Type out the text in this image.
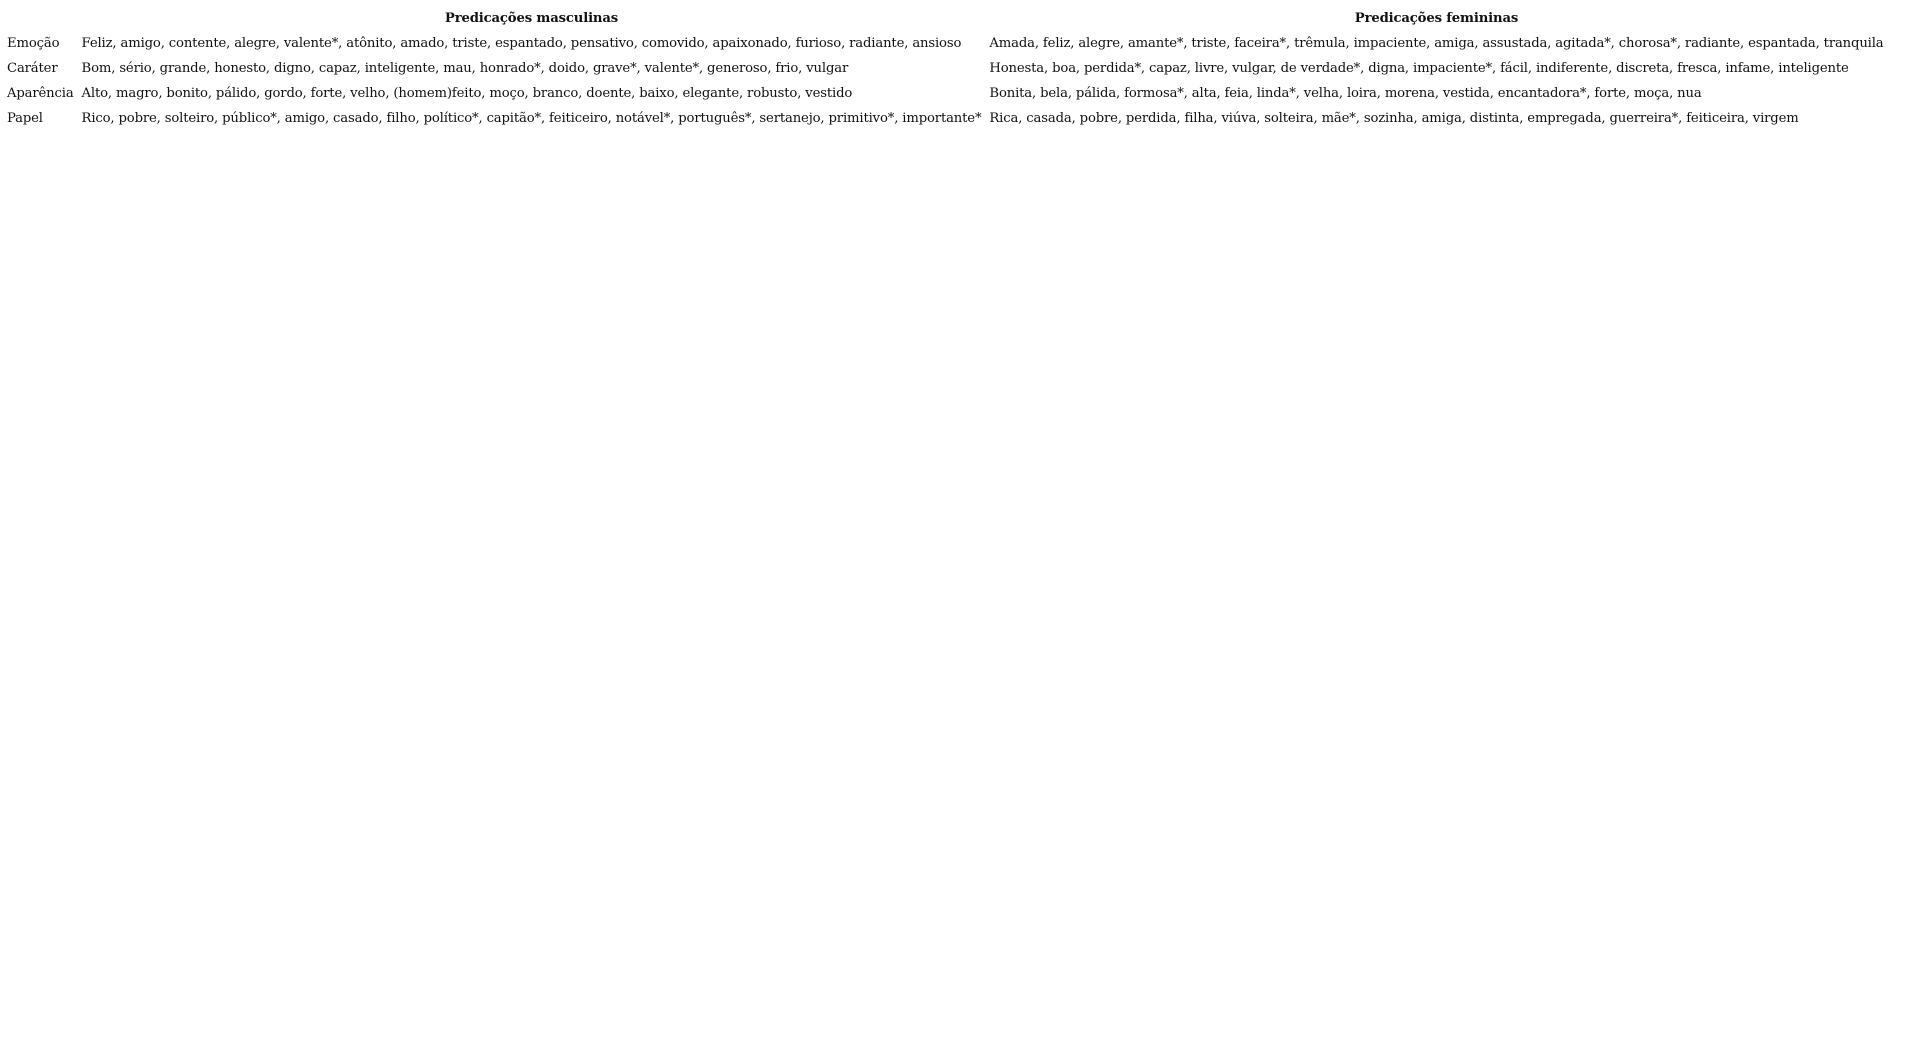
	Predicações masculinas	Predicações femininas
Emoção	Feliz, amigo, contente, alegre, valente*, atônito, amado, triste, espantado, pensativo, comovido, apaixonado, furioso, radiante, ansioso	Amada, feliz, alegre, amante*, triste, faceira*, trêmula, impaciente, amiga, assustada, agitada*, chorosa*, radiante, espantada, tranquila
Caráter	Bom, sério, grande, honesto, digno, capaz, inteligente, mau, honrado*, doido, grave*, valente*, generoso, frio, vulgar	Honesta, boa, perdida*, capaz, livre, vulgar, de verdade*, digna, impaciente*, fácil, indiferente, discreta, fresca, infame, inteligente
Aparência	Alto, magro, bonito, pálido, gordo, forte, velho, (homem)feito, moço, branco, doente, baixo, elegante, robusto, vestido	Bonita, bela, pálida, formosa*, alta, feia, linda*, velha, loira, morena, vestida, encantadora*, forte, moça, nua
Papel	Rico, pobre, solteiro, público*, amigo, casado, filho, político*, capitão*, feiticeiro, notável*, português*, sertanejo, primitivo*, importante*	Rica, casada, pobre, perdida, filha, viúva, solteira, mãe*, sozinha, amiga, distinta, empregada, guerreira*, feiticeira, virgem
